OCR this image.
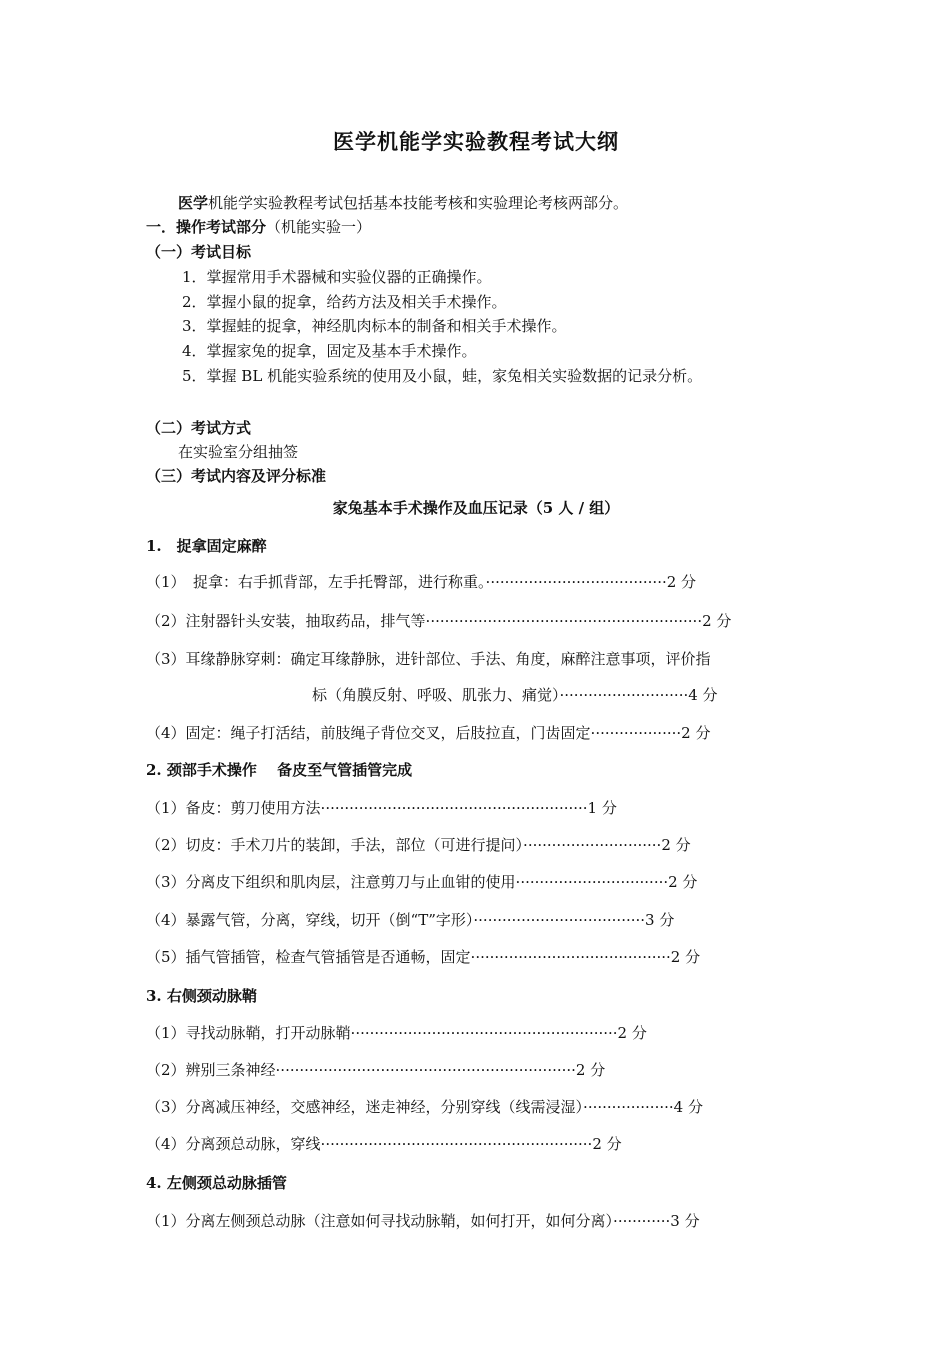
医学机能学实验教程考试大纲
医学机能学实验教程考试包括基本技能考核和实验理论考核两部分。
一．操作考试部分（机能实验一）
（一）考试目标
1．掌握常用手术器械和实验仪器的正确操作。
2．掌握小鼠的捉拿，给药方法及相关手术操作。
3．掌握蛙的捉拿，神经肌肉标本的制备和相关手术操作。
4．掌握家兔的捉拿，固定及基本手术操作。
5．掌握 BL 机能实验系统的使用及小鼠，蛙，家兔相关实验数据的记录分析。
（二）考试方式
在实验室分组抽签
（三）考试内容及评分标准
家兔基本手术操作及血压记录（5 人 / 组）
1.　捉拿固定麻醉
（1）　捉拿：右手抓背部，左手托臀部，进行称重。······································2 分
（2）注射器针头安装，抽取药品，排气等··························································2 分
（3）耳缘静脉穿刺：确定耳缘静脉，进针部位、手法、角度，麻醉注意事项，评价指
标（角膜反射、呼吸、肌张力、痛觉）···························4 分
（4）固定：绳子打活结，前肢绳子背位交叉，后肢拉直，门齿固定···················2 分
2. 颈部手术操作　 备皮至气管插管完成
（1）备皮：剪刀使用方法························································1 分
（2）切皮：手术刀片的装卸，手法，部位（可进行提问）·····························2 分
（3）分离皮下组织和肌肉层，注意剪刀与止血钳的使用································2 分
（4）暴露气管，分离，穿线，切开（倒“T”字形）····································3 分
（5）插气管插管，检查气管插管是否通畅，固定··········································2 分
3. 右侧颈动脉鞘
（1）寻找动脉鞘，打开动脉鞘························································2 分
（2）辨别三条神经·······························································2 分
（3）分离减压神经，交感神经，迷走神经，分别穿线（线需浸湿）···················4 分
（4）分离颈总动脉，穿线·························································2 分
4. 左侧颈总动脉插管
（1）分离左侧颈总动脉（注意如何寻找动脉鞘，如何打开，如何分离）············3 分
